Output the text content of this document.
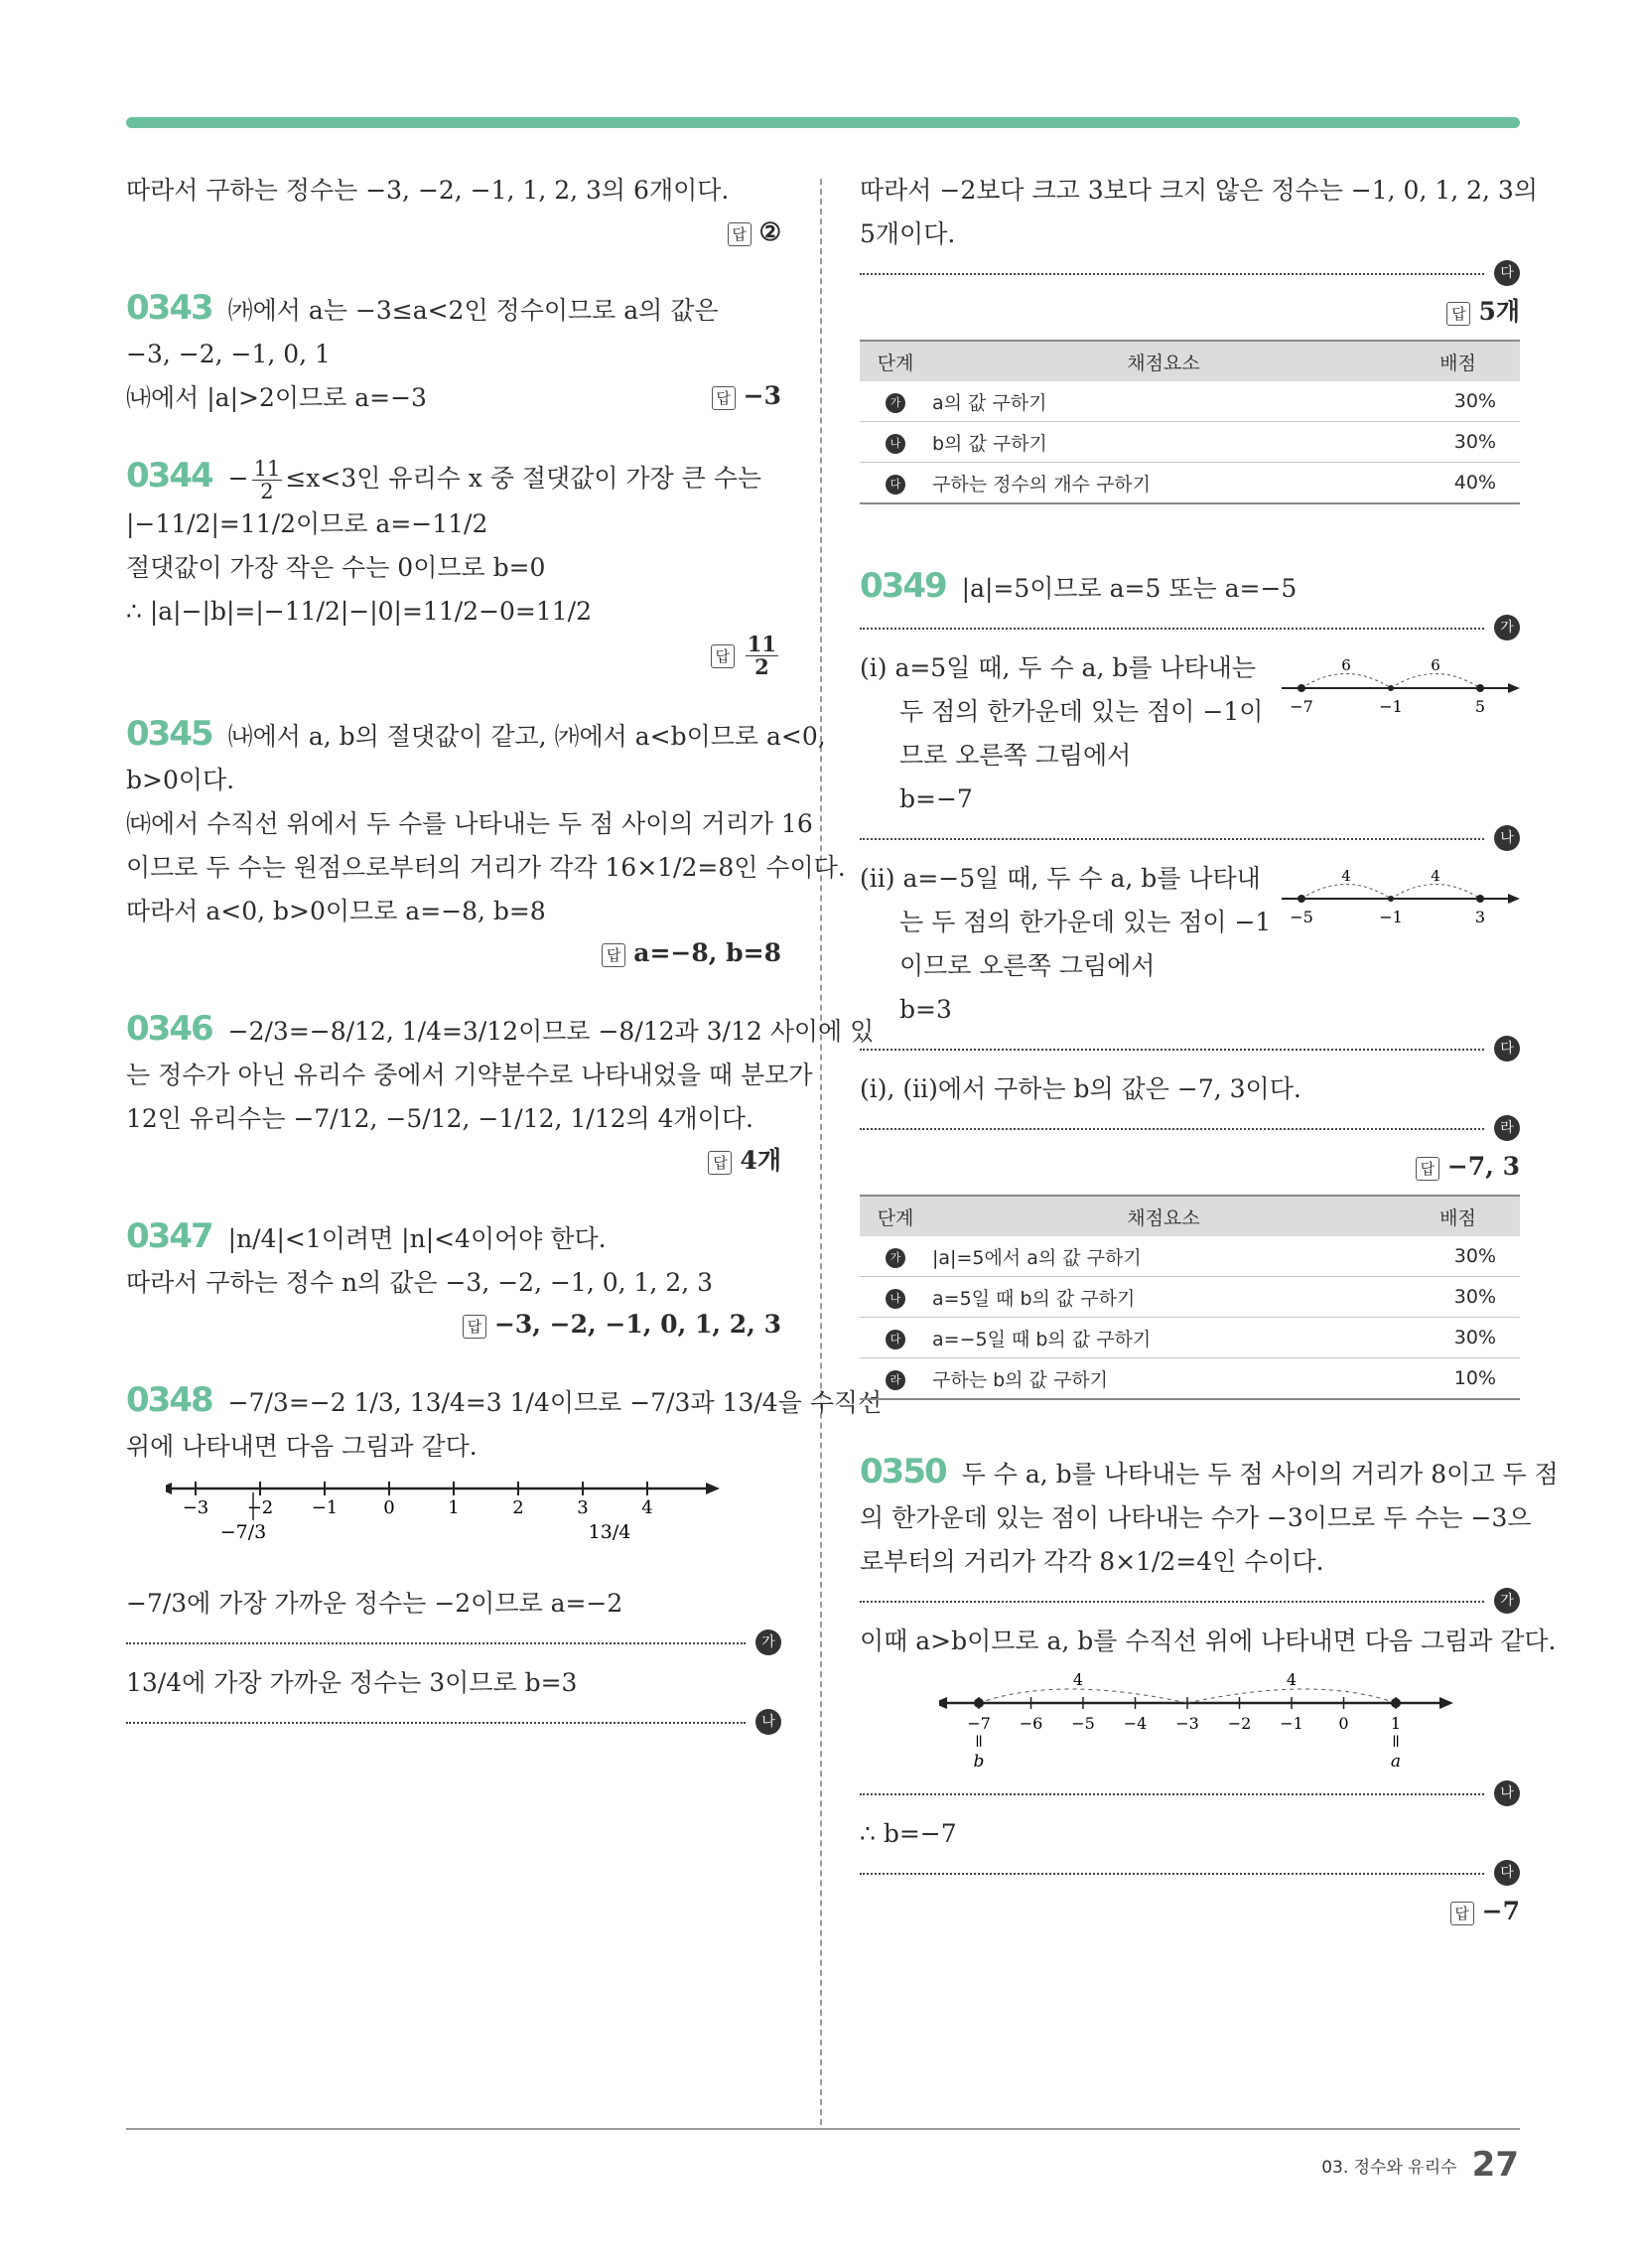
따라서 구하는 정수는 −3, −2, −1, 1, 2, 3의 6개이다.

답 ②

0343 ㈎에서 a는 −3≤a<2인 정수이므로 a의 값은

−3, −2, −1, 0, 1

㈏에서 |a|>2이므로 a=−3	답 −3

$0344 - \frac{11}{2} \le x<3$인 유리수 x 중 절댓값이 가장 큰 수는

|−11/2|=11/2이므로 a=−11/2

절댓값이 가장 작은 수는 0이므로 b=0

∴ |a|−|b|=|−11/2|−|0|=11/2−0=11/2

답 $\frac{11}{2}$

0345 ㈏에서 a, b의 절댓값이 같고, ㈎에서 a<b이므로 a<0,

b>0이다.

㈐에서 수직선 위에서 두 수를 나타내는 두 점 사이의 거리가 16

이므로 두 수는 원점으로부터의 거리가 각각 16×1/2=8인 수이다.

따라서 a<0, b>0이므로 a=−8, b=8

답 a=−8, b=8

0346 −2/3=−8/12, 1/4=3/12이므로 −8/12과 3/12 사이에 있

는 정수가 아닌 유리수 중에서 기약분수로 나타내었을 때 분모가

12인 유리수는 −7/12, −5/12, −1/12, 1/12의 4개이다.

답 4개

0347 |n/4|<1이려면 |n|<4이어야 한다.

따라서 구하는 정수 n의 값은 −3, −2, −1, 0, 1, 2, 3

답 −3, −2, −1, 0, 1, 2, 3

0348 −7/3=−2 1/3, 13/4=3 1/4이므로 −7/3과 13/4을 수직선

위에 나타내면 다음 그림과 같다.

−3 −2 −1	0	1	2	3	4
−7/3	13/4

−7/3에 가장 가까운 정수는 −2이므로 a=−2

가

13/4에 가장 가까운 정수는 3이므로 b=3

나

따라서 −2보다 크고 3보다 크지 않은 정수는 −1, 0, 1, 2, 3의

5개이다.

다
답 5개
단계	채점요소	배점
가	a의 값 구하기	30%
나	b의 값 구하기	30%
다	구하는 정수의 개수 구하기	40%

0349 |a|=5이므로 a=5 또는 a=−5

가

(i) a=5일 때, 두 수 a, b를 나타내는

두 점의 한가운데 있는 점이 −1이

므로 오른쪽 그림에서

b=−7

6	6
−7	−1	5
나

(ii) a=−5일 때, 두 수 a, b를 나타내

는 두 점의 한가운데 있는 점이 −1

이므로 오른쪽 그림에서

b=3

4	4
−5	−1	3
다

(i), (ii)에서 구하는 b의 값은 −7, 3이다.

라
답 −7, 3
단계	채점요소	배점
가	|a|=5에서 a의 값 구하기	30%
나	a=5일 때 b의 값 구하기	30%
다	a=−5일 때 b의 값 구하기	30%
라	구하는 b의 값 구하기	10%

0350 두 수 a, b를 나타내는 두 점 사이의 거리가 8이고 두 점

의 한가운데 있는 점이 나타내는 수가 −3이므로 두 수는 −3으

로부터의 거리가 각각 8×1/2=4인 수이다.

가

이때 a>b이므로 a, b를 수직선 위에 나타내면 다음 그림과 같다.

4	4
−7 −6 −5 −4 −3 −2 −1 0	1
ǁ	ǁ
b	a
나

∴ b=−7

다
답 −7
03. 정수와 유리수 27
